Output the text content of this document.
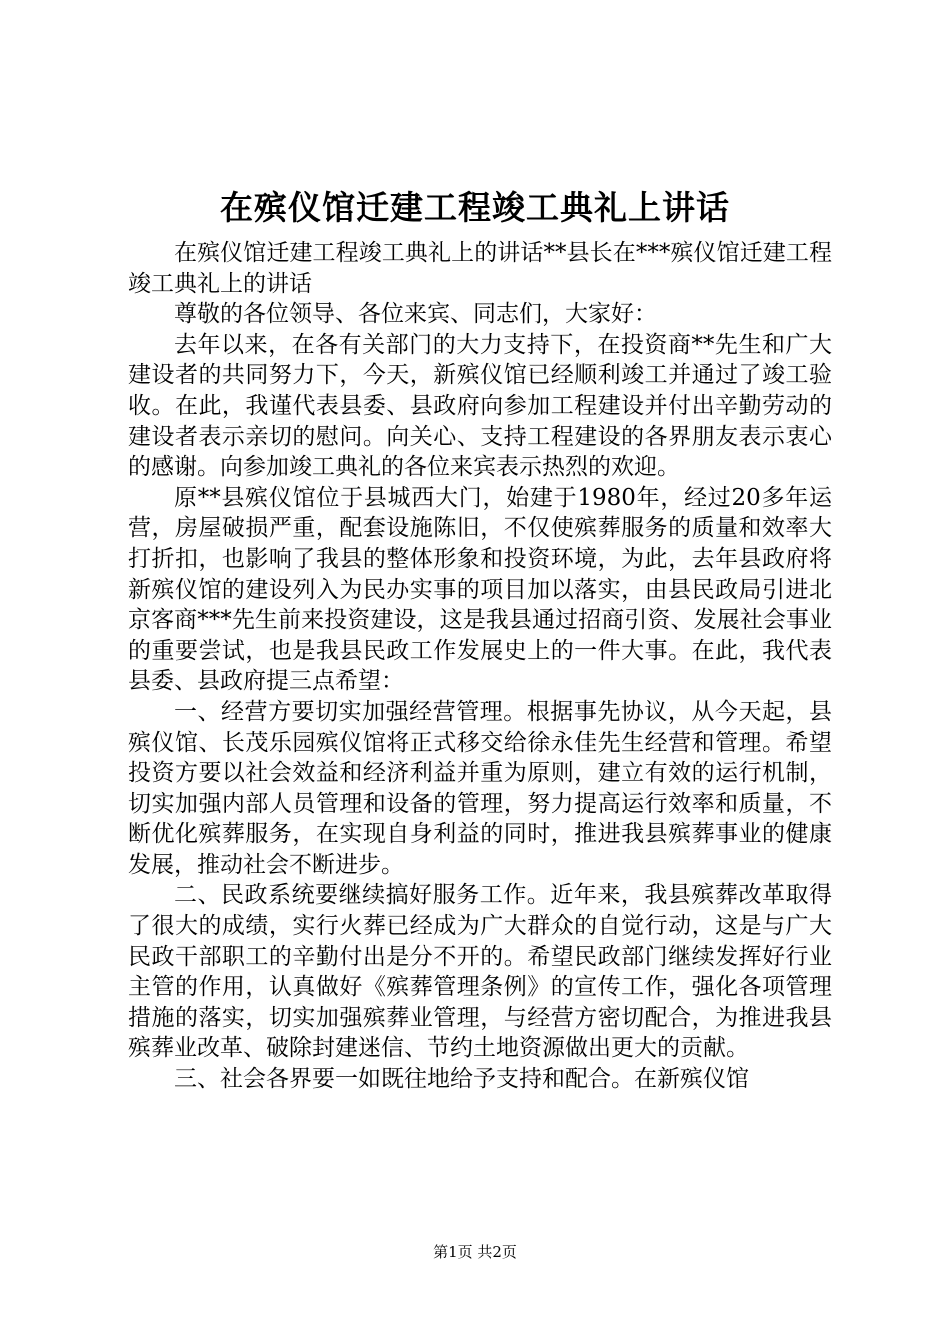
在殡仪馆迁建工程竣工典礼上讲话

在殡仪馆迁建工程竣工典礼上的讲话**县长在***殡仪馆迁建工程竣工典礼上的讲话

尊敬的各位领导、各位来宾、同志们，大家好：

去年以来，在各有关部门的大力支持下，在投资商**先生和广大建设者的共同努力下，今天，新殡仪馆已经顺利竣工并通过了竣工验收。在此，我谨代表县委、县政府向参加工程建设并付出辛勤劳动的建设者表示亲切的慰问。向关心、支持工程建设的各界朋友表示衷心的感谢。向参加竣工典礼的各位来宾表示热烈的欢迎。

原**县殡仪馆位于县城西大门，始建于1980年，经过20多年运营，房屋破损严重，配套设施陈旧，不仅使殡葬服务的质量和效率大打折扣，也影响了我县的整体形象和投资环境，为此，去年县政府将新殡仪馆的建设列入为民办实事的项目加以落实，由县民政局引进北京客商***先生前来投资建设，这是我县通过招商引资、发展社会事业的重要尝试，也是我县民政工作发展史上的一件大事。在此，我代表县委、县政府提三点希望：

一、经营方要切实加强经营管理。根据事先协议，从今天起，县殡仪馆、长茂乐园殡仪馆将正式移交给徐永佳先生经营和管理。希望投资方要以社会效益和经济利益并重为原则，建立有效的运行机制，切实加强内部人员管理和设备的管理，努力提高运行效率和质量，不断优化殡葬服务，在实现自身利益的同时，推进我县殡葬事业的健康发展，推动社会不断进步。

二、民政系统要继续搞好服务工作。近年来，我县殡葬改革取得了很大的成绩，实行火葬已经成为广大群众的自觉行动，这是与广大民政干部职工的辛勤付出是分不开的。希望民政部门继续发挥好行业主管的作用，认真做好《殡葬管理条例》的宣传工作，强化各项管理措施的落实，切实加强殡葬业管理，与经营方密切配合，为推进我县殡葬业改革、破除封建迷信、节约土地资源做出更大的贡献。

三、社会各界要一如既往地给予支持和配合。在新殡仪馆

第1页 共2页
